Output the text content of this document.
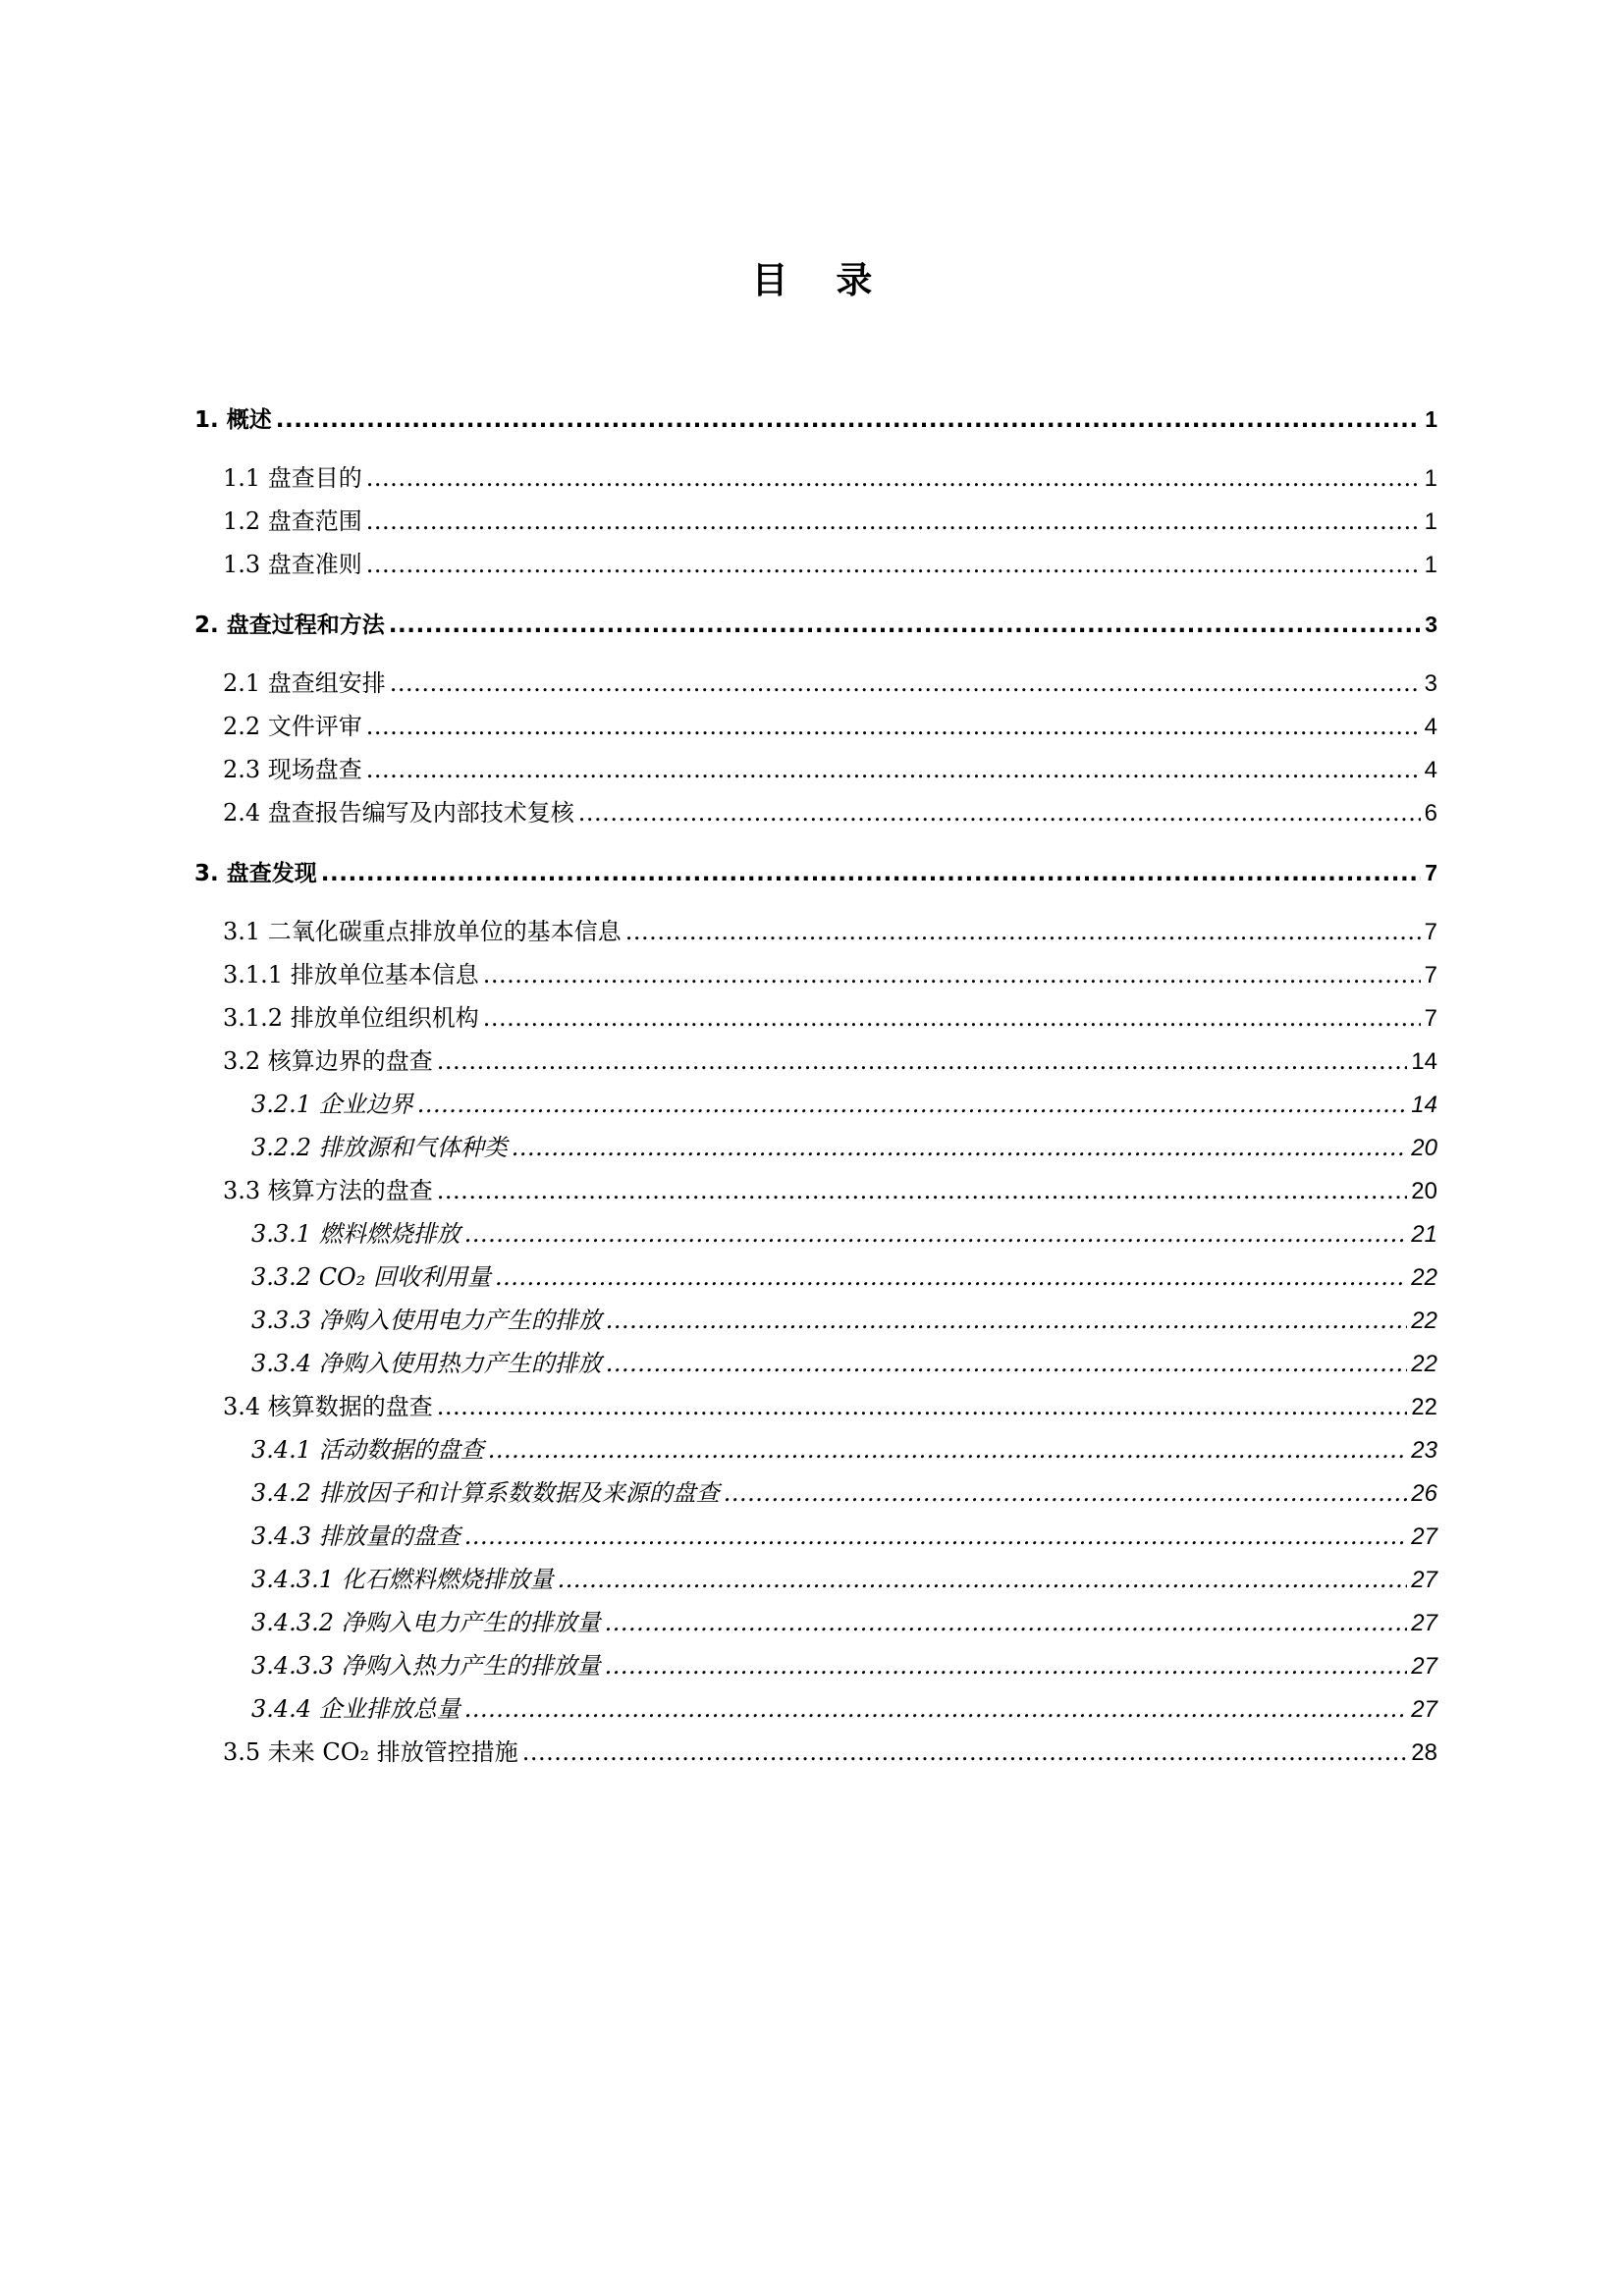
目 录
1. 概述 .....	1
1.1 盘查目的 .....	1
1.2 盘查范围 .....	1
1.3 盘查准则 .....	1
2. 盘查过程和方法 .....	3
2.1 盘查组安排 .....	3
2.2 文件评审 .....	4
2.3 现场盘查 .....	4
2.4 盘查报告编写及内部技术复核 .....	6
3. 盘查发现 .....	7
3.1 二氧化碳重点排放单位的基本信息 .....	7
3.1.1 排放单位基本信息 .....	7
3.1.2 排放单位组织机构 .....	7
3.2 核算边界的盘查 .....	14
3.2.1 企业边界 .....	14
3.2.2 排放源和气体种类 .....	20
3.3 核算方法的盘查 .....	20
3.3.1 燃料燃烧排放 .....	21
3.3.2 CO₂ 回收利用量 .....	22
3.3.3 净购入使用电力产生的排放 .....	22
3.3.4 净购入使用热力产生的排放 .....	22
3.4 核算数据的盘查 .....	22
3.4.1 活动数据的盘查 .....	23
3.4.2 排放因子和计算系数数据及来源的盘查 .....	26
3.4.3 排放量的盘查 .....	27
3.4.3.1 化石燃料燃烧排放量 .....	27
3.4.3.2 净购入电力产生的排放量 .....	27
3.4.3.3 净购入热力产生的排放量 .....	27
3.4.4 企业排放总量 .....	27
3.5 未来 CO₂ 排放管控措施 .....	28
